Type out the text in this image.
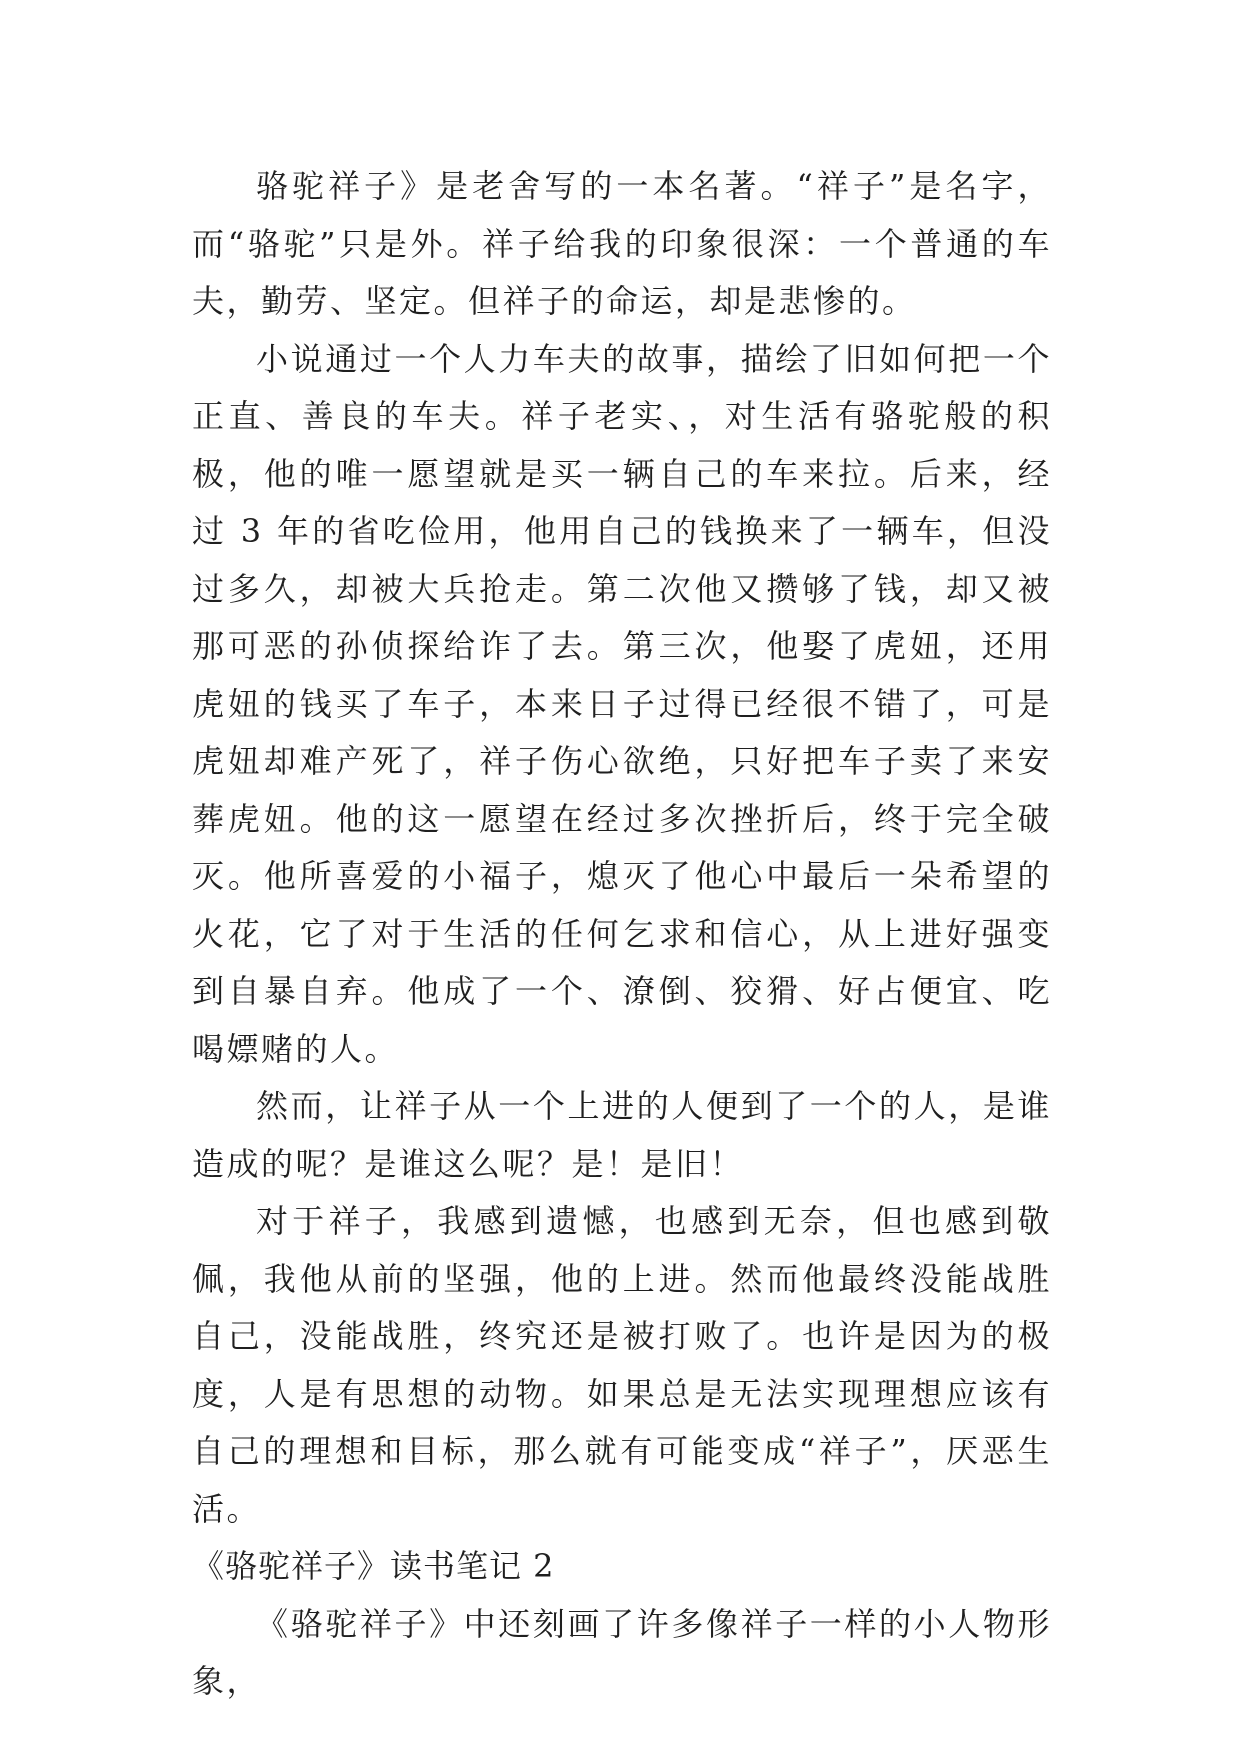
骆驼祥子》是老舍写的一本名著。“祥子”是名字，而“骆驼”只是外。祥子给我的印象很深：一个普通的车夫，勤劳、坚定。但祥子的命运，却是悲惨的。

小说通过一个人力车夫的故事，描绘了旧如何把一个正直、善良的车夫。祥子老实、，对生活有骆驼般的积极，他的唯一愿望就是买一辆自己的车来拉。后来，经过 3 年的省吃俭用，他用自己的钱换来了一辆车，但没过多久，却被大兵抢走。第二次他又攒够了钱，却又被那可恶的孙侦探给诈了去。第三次，他娶了虎妞，还用虎妞的钱买了车子，本来日子过得已经很不错了，可是虎妞却难产死了，祥子伤心欲绝，只好把车子卖了来安葬虎妞。他的这一愿望在经过多次挫折后，终于完全破灭。他所喜爱的小福子，熄灭了他心中最后一朵希望的火花，它了对于生活的任何乞求和信心，从上进好强变到自暴自弃。他成了一个、潦倒、狡猾、好占便宜、吃喝嫖赌的人。

然而，让祥子从一个上进的人便到了一个的人，是谁造成的呢？是谁这么呢？是！是旧！

对于祥子，我感到遗憾，也感到无奈，但也感到敬佩，我他从前的坚强，他的上进。然而他最终没能战胜自己，没能战胜，终究还是被打败了。也许是因为的极度，人是有思想的动物。如果总是无法实现理想应该有自己的理想和目标，那么就有可能变成“祥子”，厌恶生活。

《骆驼祥子》读书笔记 2

《骆驼祥子》中还刻画了许多像祥子一样的小人物形象，
